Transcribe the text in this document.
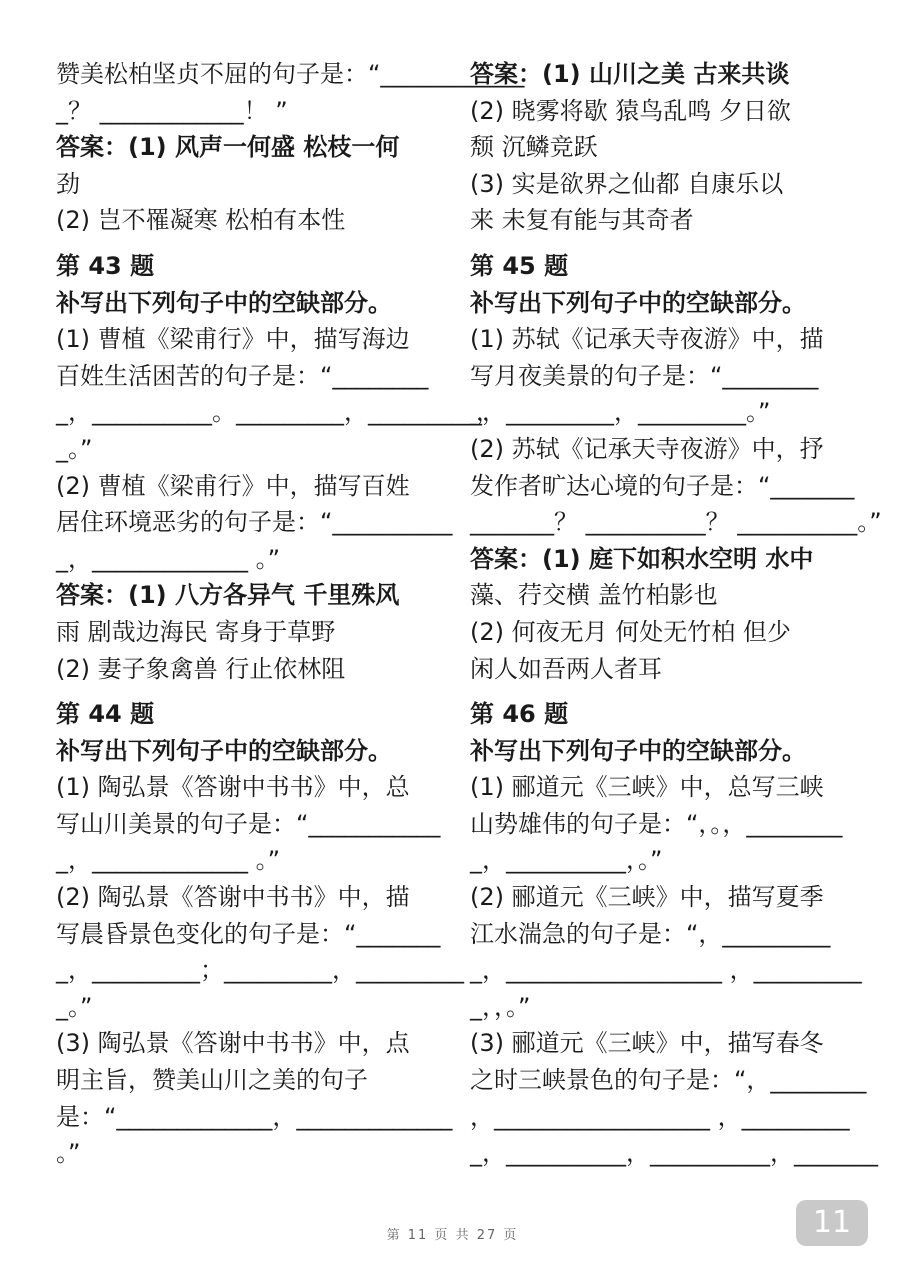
赞美松柏坚贞不屈的句子是：“____________
_？ ____________！ ”
答案：(1) 风声一何盛 松枝一何
劲
(2) 岂不罹凝寒 松柏有本性
第 43 题
补写出下列句子中的空缺部分。
(1) 曹植《梁甫行》中，描写海边
百姓生活困苦的句子是：“________
_，__________。_________，_________，
_。”
(2) 曹植《梁甫行》中，描写百姓
居住环境恶劣的句子是：“__________
_，_____________ 。”
答案：(1) 八方各异气 千里殊风
雨 剧哉边海民 寄身于草野
(2) 妻子象禽兽 行止依林阻
第 44 题
补写出下列句子中的空缺部分。
(1) 陶弘景《答谢中书书》中，总
写山川美景的句子是：“___________
_，_____________ 。”
(2) 陶弘景《答谢中书书》中，描
写晨昏景色变化的句子是：“_______
_，_________；_________，_________
_。”
(3) 陶弘景《答谢中书书》中，点
明主旨，赞美山川之美的句子
是：“_____________，_____________
。”
答案：(1) 山川之美 古来共谈
(2) 晓雾将歇 猿鸟乱鸣 夕日欲
颓 沉鳞竞跃
(3) 实是欲界之仙都 自康乐以
来 未复有能与其奇者
第 45 题
补写出下列句子中的空缺部分。
(1) 苏轼《记承天寺夜游》中，描
写月夜美景的句子是：“________
_，_________，_________。”
(2) 苏轼《记承天寺夜游》中，抒
发作者旷达心境的句子是：“_______
_______？ __________？ __________。”
答案：(1) 庭下如积水空明 水中
藻、荇交横 盖竹柏影也
(2) 何夜无月 何处无竹柏 但少
闲人如吾两人者耳
第 46 题
补写出下列句子中的空缺部分。
(1) 郦道元《三峡》中，总写三峡
山势雄伟的句子是：“，。，________
_，__________，。”
(2) 郦道元《三峡》中，描写夏季
江水湍急的句子是：“，_________
_，__________________ ，_________
_，，。”
(3) 郦道元《三峡》中，描写春冬
之时三峡景色的句子是：“，________
，__________________ ，_________
_，__________，__________，_______
第 11 页 共 27 页	11
